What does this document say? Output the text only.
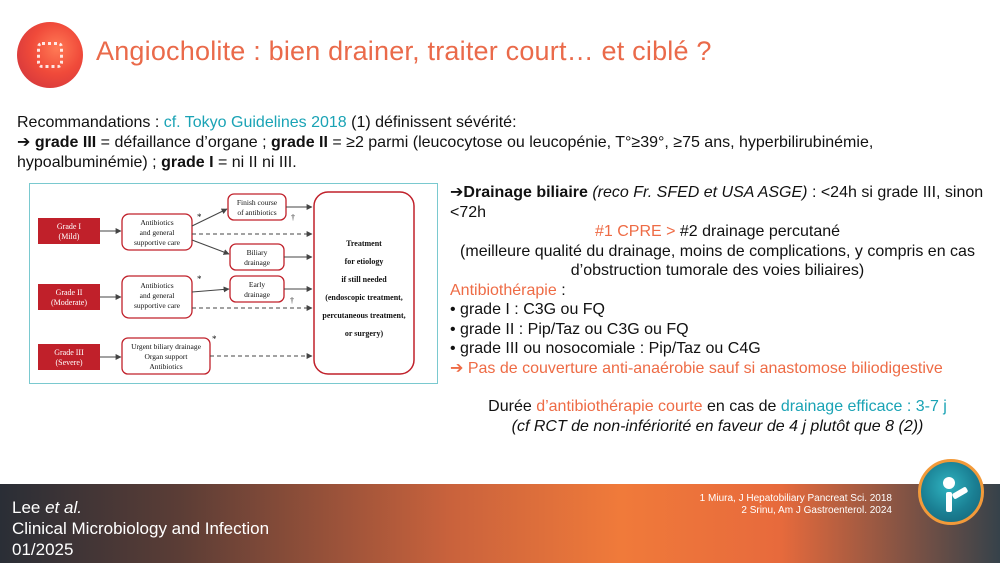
Angiocholite : bien drainer, traiter court… et ciblé ?
Recommandations : cf. Tokyo Guidelines 2018 (1) définissent sévérité:
➔ grade III = défaillance d’organe ; grade II = ≥2 parmi (leucocytose ou leucopénie, T°≥39°, ≥75 ans, hyperbilirubinémie, hypoalbuminémie) ; grade I = ni II ni III.
Grade I
(Mild)
Grade II
(Moderate)
Grade III
(Severe)
Antibiotics
and general
supportive care
Antibiotics
and general
supportive care
Finish course
of antibiotics
Biliary
drainage
Early
drainage
Urgent biliary drainage
Organ support
Antibiotics
Treatment
for etiology
if still needed
(endoscopic treatment,
percutaneous treatment,
or surgery)
*
*
*
†
†

➔Drainage biliaire (reco Fr. SFED et USA ASGE) : <24h si grade III, sinon <72h

#1 CPRE > #2 drainage percutané

(meilleure qualité du drainage, moins de complications, y compris en cas d’obstruction tumorale des voies biliaires)

Antibiothérapie :

• grade I : C3G ou FQ

• grade II : Pip/Taz ou C3G ou FQ

• grade III ou nosocomiale : Pip/Taz ou C4G

➔ Pas de couverture anti-anaérobie sauf si anastomose biliodigestive

Durée d’antibiothérapie courte en cas de drainage efficace : 3-7 j

(cf RCT de non-infériorité en faveur de 4 j plutôt que 8 (2))

Lee et al.
Clinical Microbiology and Infection
01/2025
1 Miura, J Hepatobiliary Pancreat Sci. 2018
2 Srinu, Am J Gastroenterol. 2024
